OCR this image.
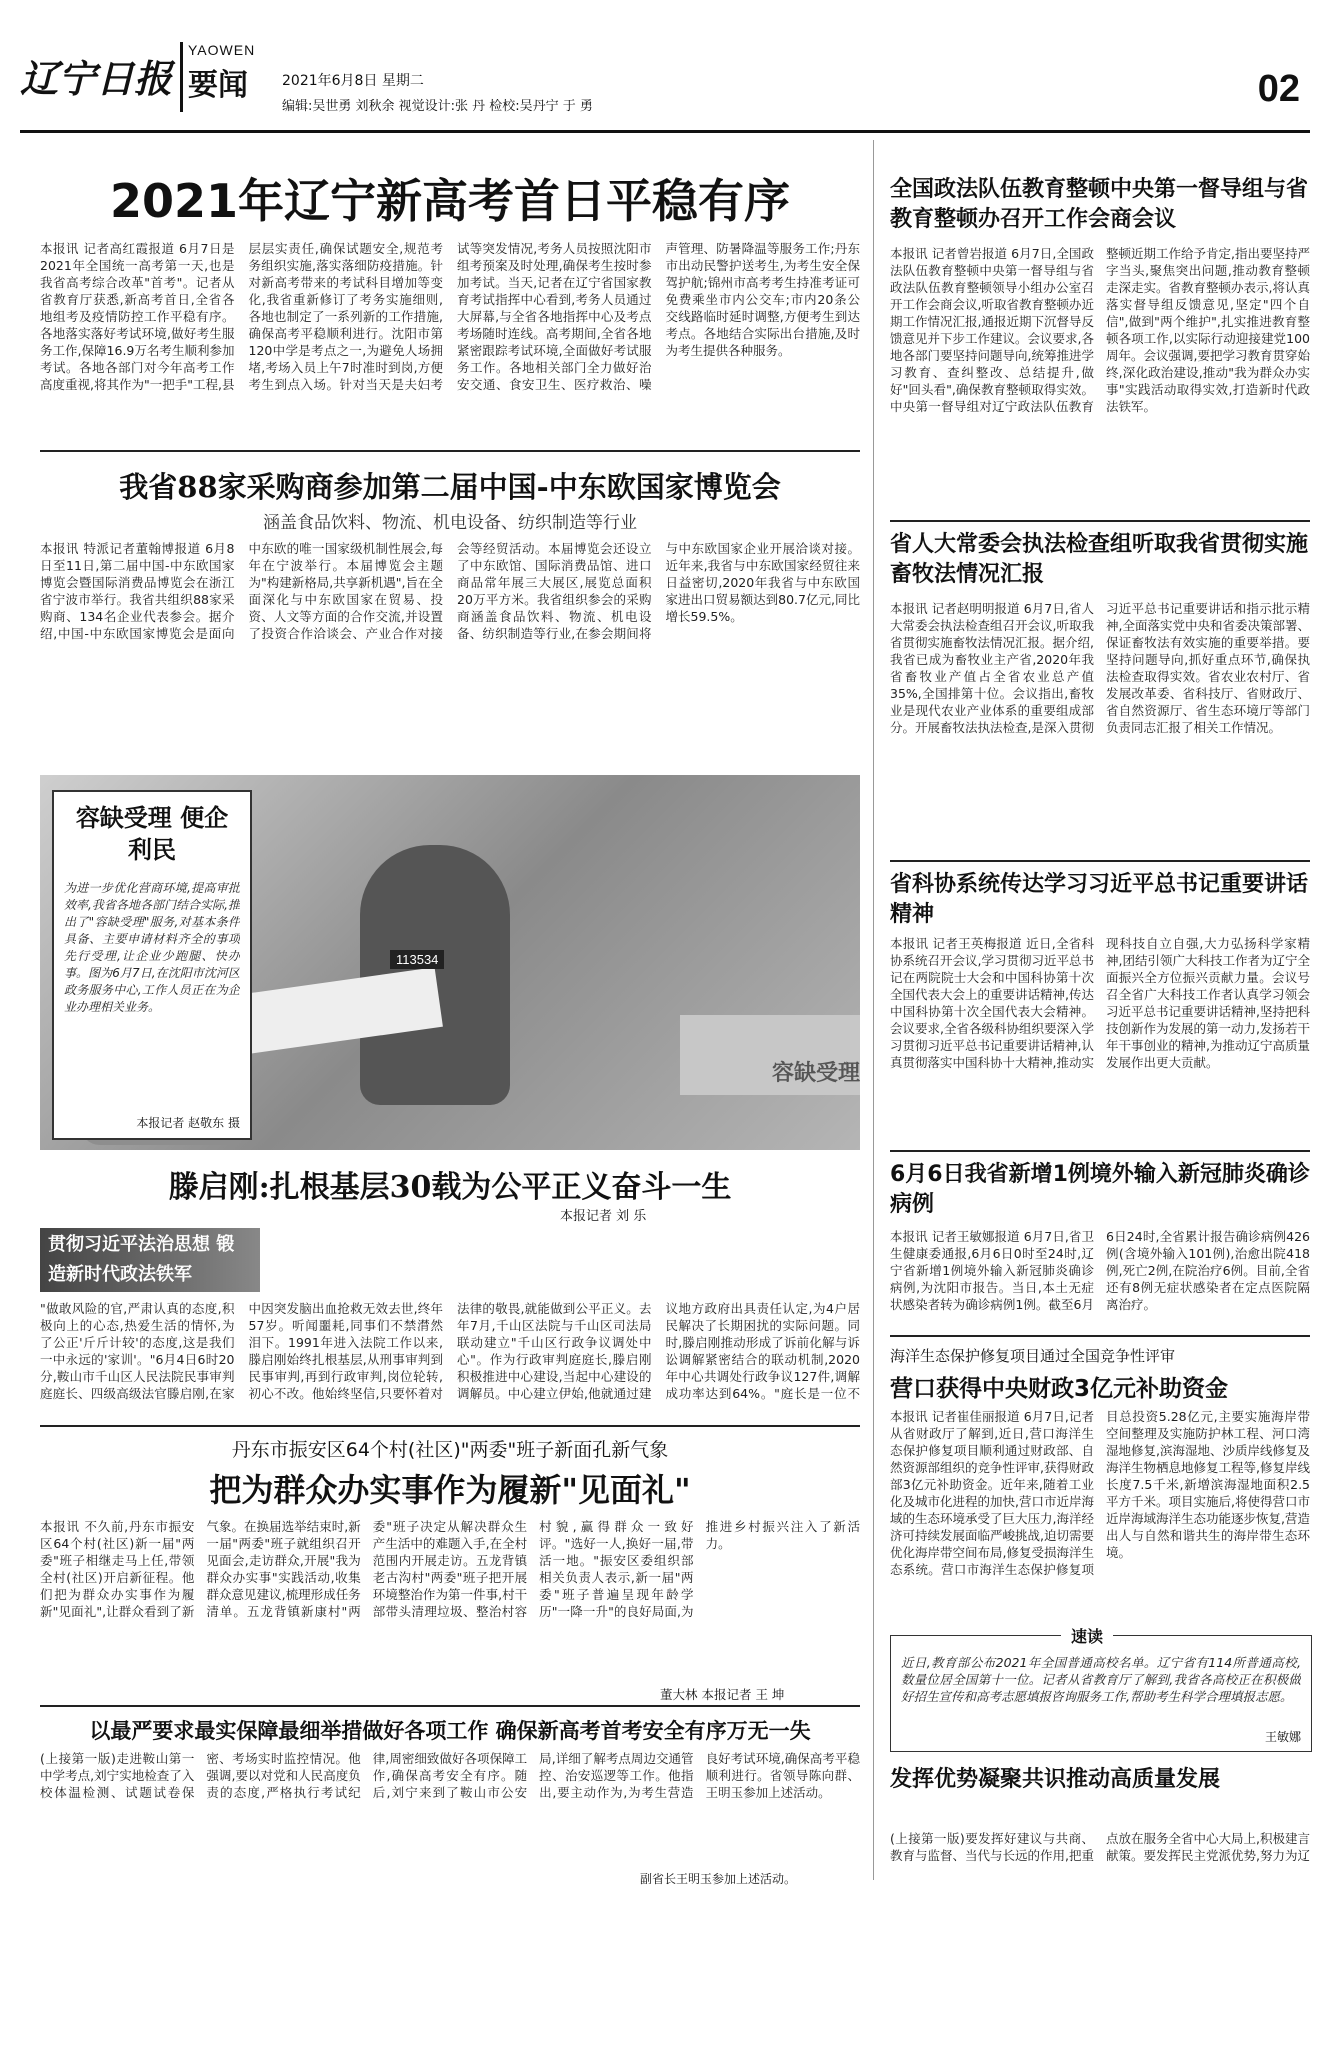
辽宁日报
YAOWEN
要闻 2021年6月8日 星期二
编辑:吴世勇 刘秋余 视觉设计:张 丹 检校:吴丹宁 于 勇	02
2021年辽宁新高考首日平稳有序
本报讯 记者高红霞报道 6月7日是2021年全国统一高考第一天,也是我省高考综合改革"首考"。记者从省教育厅获悉,新高考首日,全省各地组考及疫情防控工作平稳有序。各地落实落好考试环境,做好考生服务工作,保障16.9万名考生顺利参加考试。各地各部门对今年高考工作高度重视,将其作为"一把手"工程,县层层实责任,确保试题安全,规范考务组织实施,落实落细防疫措施。针对新高考带来的考试科目增加等变化,我省重新修订了考务实施细则,各地也制定了一系列新的工作措施,确保高考平稳顺利进行。沈阳市第120中学是考点之一,为避免人场拥堵,考场入员上午7时准时到岗,方便考生到点入场。针对当天是夫妇考试等突发情况,考务人员按照沈阳市组考预案及时处理,确保考生按时参加考试。当天,记者在辽宁省国家教育考试指挥中心看到,考务人员通过大屏幕,与全省各地指挥中心及考点考场随时连线。高考期间,全省各地紧密跟踪考试环境,全面做好考试服务工作。各地相关部门全力做好治安交通、食安卫生、医疗救治、噪声管理、防暑降温等服务工作;丹东市出动民警护送考生,为考生安全保驾护航;锦州市高考考生持准考证可免费乘坐市内公交车;市内20条公交线路临时延时调整,方便考生到达考点。各地结合实际出台措施,及时为考生提供各种服务。
我省88家采购商参加第二届中国-中东欧国家博览会
涵盖食品饮料、物流、机电设备、纺织制造等行业
本报讯 特派记者董翰博报道 6月8日至11日,第二届中国-中东欧国家博览会暨国际消费品博览会在浙江省宁波市举行。我省共组织88家采购商、134名企业代表参会。据介绍,中国-中东欧国家博览会是面向中东欧的唯一国家级机制性展会,每年在宁波举行。本届博览会主题为"构建新格局,共享新机遇",旨在全面深化与中东欧国家在贸易、投资、人文等方面的合作交流,并设置了投资合作洽谈会、产业合作对接会等经贸活动。本届博览会还设立了中东欧馆、国际消费品馆、进口商品常年展三大展区,展览总面积20万平方米。我省组织参会的采购商涵盖食品饮料、物流、机电设备、纺织制造等行业,在参会期间将与中东欧国家企业开展洽谈对接。近年来,我省与中东欧国家经贸往来日益密切,2020年我省与中东欧国家进出口贸易额达到80.7亿元,同比增长59.5%。
113534
容缺受理
容缺受理 便企利民
为进一步优化营商环境,提高审批效率,我省各地各部门结合实际,推出了"容缺受理"服务,对基本条件具备、主要申请材料齐全的事项先行受理,让企业少跑腿、快办事。图为6月7日,在沈阳市沈河区政务服务中心,工作人员正在为企业办理相关业务。
本报记者 赵敬东 摄
滕启刚:扎根基层30载为公平正义奋斗一生
本报记者 刘 乐
贯彻习近平法治思想 锻造新时代政法铁军
"做敢风险的官,严肃认真的态度,积极向上的心态,热爱生活的情怀,为了公正'斤斤计较'的态度,这是我们一中永远的'家训'。"6月4日6时20分,鞍山市千山区人民法院民事审判庭庭长、四级高级法官滕启刚,在家中因突发脑出血抢救无效去世,终年57岁。听闻噩耗,同事们不禁潸然泪下。1991年进入法院工作以来,滕启刚始终扎根基层,从刑事审判到民事审判,再到行政审判,岗位轮转,初心不改。他始终坚信,只要怀着对法律的敬畏,就能做到公平正义。去年7月,千山区法院与千山区司法局联动建立"千山区行政争议调处中心"。作为行政审判庭庭长,滕启刚积极推进中心建设,当起中心建设的调解员。中心建立伊始,他就通过建议地方政府出具责任认定,为4户居民解决了长期困扰的实际问题。同时,滕启刚推动形成了诉前化解与诉讼调解紧密结合的联动机制,2020年中心共调处行政争议127件,调解成功率达到64%。"庭长是一位不
丹东市振安区64个村(社区)"两委"班子新面孔新气象
把为群众办实事作为履新"见面礼"
本报讯 不久前,丹东市振安区64个村(社区)新一届"两委"班子相继走马上任,带领全村(社区)开启新征程。他们把为群众办实事作为履新"见面礼",让群众看到了新气象。在换届选举结束时,新一届"两委"班子就组织召开见面会,走访群众,开展"我为群众办实事"实践活动,收集群众意见建议,梳理形成任务清单。五龙背镇新康村"两委"班子决定从解决群众生产生活中的难题入手,在全村范围内开展走访。五龙背镇老古沟村"两委"班子把开展环境整治作为第一件事,村干部带头清理垃圾、整治村容村貌,赢得群众一致好评。"选好一人,换好一届,带活一地。"振安区委组织部相关负责人表示,新一届"两委"班子普遍呈现年龄学历"一降一升"的良好局面,为推进乡村振兴注入了新活力。
董大林 本报记者 王 坤
以最严要求最实保障最细举措做好各项工作 确保新高考首考安全有序万无一失
(上接第一版)走进鞍山第一中学考点,刘宁实地检查了入校体温检测、试题试卷保密、考场实时监控情况。他强调,要以对党和人民高度负责的态度,严格执行考试纪律,周密细致做好各项保障工作,确保高考安全有序。随后,刘宁来到了鞍山市公安局,详细了解考点周边交通管控、治安巡逻等工作。他指出,要主动作为,为考生营造良好考试环境,确保高考平稳顺利进行。省领导陈向群、王明玉参加上述活动。
副省长王明玉参加上述活动。
全国政法队伍教育整顿中央第一督导组与省教育整顿办召开工作会商会议
本报讯 记者曾岩报道 6月7日,全国政法队伍教育整顿中央第一督导组与省政法队伍教育整顿领导小组办公室召开工作会商会议,听取省教育整顿办近期工作情况汇报,通报近期下沉督导反馈意见并下步工作建议。会议要求,各地各部门要坚持问题导向,统筹推进学习教育、查纠整改、总结提升,做好"回头看",确保教育整顿取得实效。中央第一督导组对辽宁政法队伍教育整顿近期工作给予肯定,指出要坚持严字当头,聚焦突出问题,推动教育整顿走深走实。省教育整顿办表示,将认真落实督导组反馈意见,坚定"四个自信",做到"两个维护",扎实推进教育整顿各项工作,以实际行动迎接建党100周年。会议强调,要把学习教育贯穿始终,深化政治建设,推动"我为群众办实事"实践活动取得实效,打造新时代政法铁军。
省人大常委会执法检查组听取我省贯彻实施畜牧法情况汇报
本报讯 记者赵明明报道 6月7日,省人大常委会执法检查组召开会议,听取我省贯彻实施畜牧法情况汇报。据介绍,我省已成为畜牧业主产省,2020年我省畜牧业产值占全省农业总产值35%,全国排第十位。会议指出,畜牧业是现代农业产业体系的重要组成部分。开展畜牧法执法检查,是深入贯彻习近平总书记重要讲话和指示批示精神,全面落实党中央和省委决策部署、保证畜牧法有效实施的重要举措。要坚持问题导向,抓好重点环节,确保执法检查取得实效。省农业农村厅、省发展改革委、省科技厅、省财政厅、省自然资源厅、省生态环境厅等部门负责同志汇报了相关工作情况。
省科协系统传达学习习近平总书记重要讲话精神
本报讯 记者王英梅报道 近日,全省科协系统召开会议,学习贯彻习近平总书记在两院院士大会和中国科协第十次全国代表大会上的重要讲话精神,传达中国科协第十次全国代表大会精神。会议要求,全省各级科协组织要深入学习贯彻习近平总书记重要讲话精神,认真贯彻落实中国科协十大精神,推动实现科技自立自强,大力弘扬科学家精神,团结引领广大科技工作者为辽宁全面振兴全方位振兴贡献力量。会议号召全省广大科技工作者认真学习领会习近平总书记重要讲话精神,坚持把科技创新作为发展的第一动力,发扬若干年干事创业的精神,为推动辽宁高质量发展作出更大贡献。
6月6日我省新增1例境外输入新冠肺炎确诊病例
本报讯 记者王敏娜报道 6月7日,省卫生健康委通报,6月6日0时至24时,辽宁省新增1例境外输入新冠肺炎确诊病例,为沈阳市报告。当日,本土无症状感染者转为确诊病例1例。截至6月6日24时,全省累计报告确诊病例426例(含境外输入101例),治愈出院418例,死亡2例,在院治疗6例。目前,全省还有8例无症状感染者在定点医院隔离治疗。
海洋生态保护修复项目通过全国竞争性评审
营口获得中央财政3亿元补助资金
本报讯 记者崔佳丽报道 6月7日,记者从省财政厅了解到,近日,营口海洋生态保护修复项目顺利通过财政部、自然资源部组织的竞争性评审,获得财政部3亿元补助资金。近年来,随着工业化及城市化进程的加快,营口市近岸海域的生态环境承受了巨大压力,海洋经济可持续发展面临严峻挑战,迫切需要优化海岸带空间布局,修复受损海洋生态系统。营口市海洋生态保护修复项目总投资5.28亿元,主要实施海岸带空间整理及实施防护林工程、河口湾湿地修复,滨海湿地、沙质岸线修复及海洋生物栖息地修复工程等,修复岸线长度7.5千米,新增滨海湿地面积2.5平方千米。项目实施后,将使得营口市近岸海域海洋生态功能逐步恢复,营造出人与自然和谐共生的海岸带生态环境。
速读
近日,教育部公布2021年全国普通高校名单。辽宁省有114所普通高校,数量位居全国第十一位。记者从省教育厅了解到,我省各高校正在积极做好招生宣传和高考志愿填报咨询服务工作,帮助考生科学合理填报志愿。
王敏娜
发挥优势凝聚共识推动高质量发展
(上接第一版)要发挥好建议与共商、教育与监督、当代与长远的作用,把重点放在服务全省中心大局上,积极建言献策。要发挥民主党派优势,努力为辽
